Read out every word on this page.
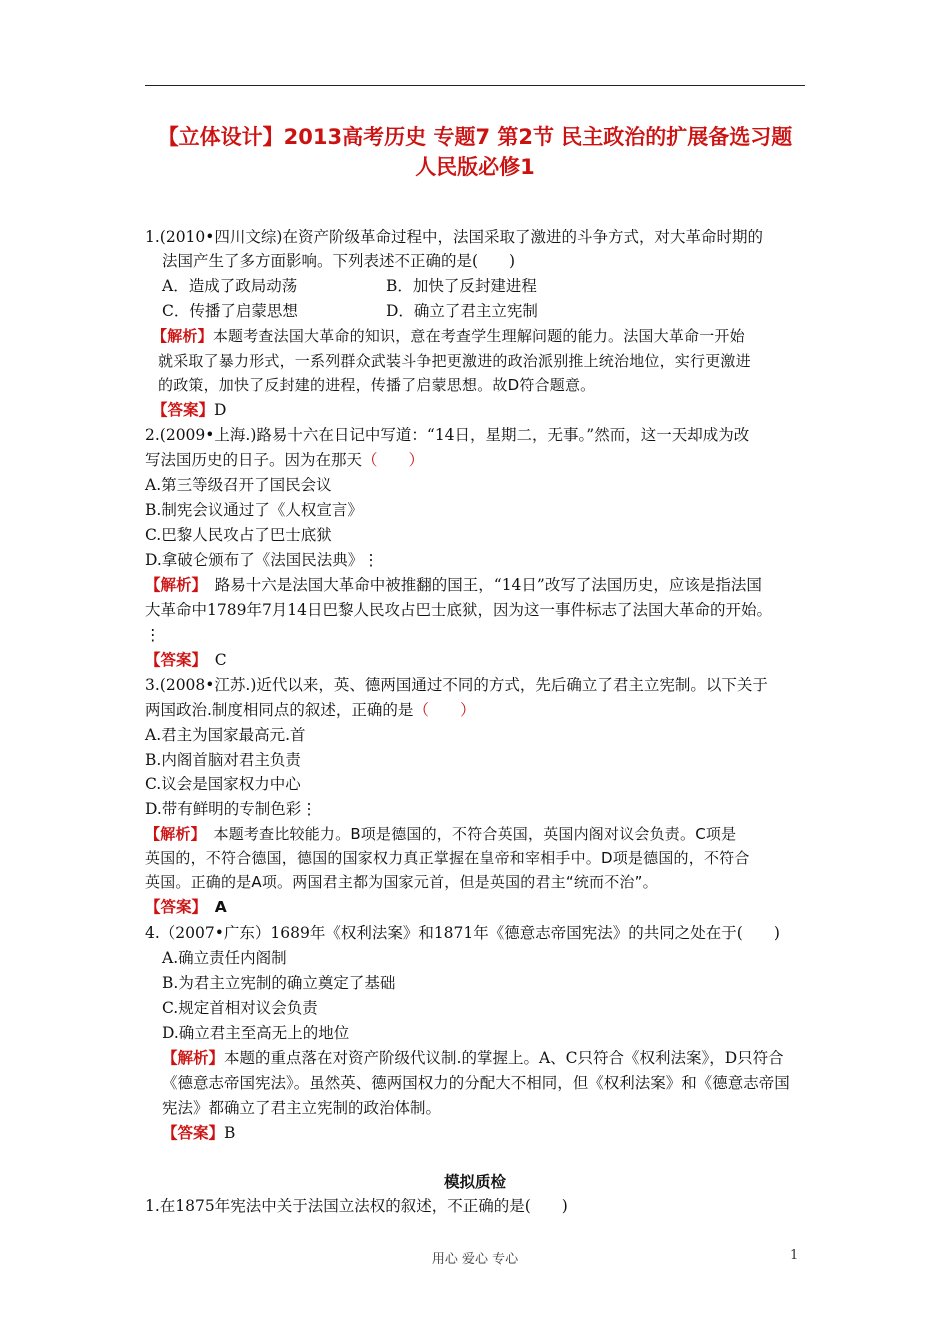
【立体设计】2013高考历史 专题7 第2节 民主政治的扩展备选习题
人民版必修1
1.(2010•四川文综)在资产阶级革命过程中，法国采取了激进的斗争方式，对大革命时期的
法国产生了多方面影响。下列表述不正确的是(　　)
A．造成了政局动荡	B．加快了反封建进程
C．传播了启蒙思想	D．确立了君主立宪制
【解析】本题考查法国大革命的知识，意在考查学生理解问题的能力。法国大革命一开始
就采取了暴力形式，一系列群众武装斗争把更激进的政治派别推上统治地位，实行更激进
的政策，加快了反封建的进程，传播了启蒙思想。故D符合题意。
【答案】D
2.(2009•上海.)路易十六在日记中写道：“14日，星期二，无事。”然而，这一天却成为改
写法国历史的日子。因为在那天（　　）
A.第三等级召开了国民会议
B.制宪会议通过了《人权宣言》
C.巴黎人民攻占了巴士底狱
D.拿破仑颁布了《法国民法典》⋮
【解析】　路易十六是法国大革命中被推翻的国王，“14日”改写了法国历史，应该是指法国
大革命中1789年7月14日巴黎人民攻占巴士底狱，因为这一事件标志了法国大革命的开始。
⋮
【答案】　C
3.(2008•江苏.)近代以来，英、德两国通过不同的方式，先后确立了君主立宪制。以下关于
两国政治.制度相同点的叙述，正确的是（　　）
A.君主为国家最高元.首
B.内阁首脑对君主负责
C.议会是国家权力中心
D.带有鲜明的专制色彩⋮
【解析】　本题考查比较能力。B项是德国的，不符合英国，英国内阁对议会负责。C项是
英国的，不符合德国，德国的国家权力真正掌握在皇帝和宰相手中。D项是德国的，不符合
英国。正确的是A项。两国君主都为国家元首，但是英国的君主“统而不治”。
【答案】　A
4.（2007•广东）1689年《权利法案》和1871年《德意志帝国宪法》的共同之处在于(　　)
A.确立责任内阁制
B.为君主立宪制的确立奠定了基础
C.规定首相对议会负责
D.确立君主至高无上的地位
【解析】本题的重点落在对资产阶级代议制.的掌握上。A、C只符合《权利法案》，D只符合
《德意志帝国宪法》。虽然英、德两国权力的分配大不相同，但《权利法案》和《德意志帝国
宪法》都确立了君主立宪制的政治体制。
【答案】B
模拟质检
1.在1875年宪法中关于法国立法权的叙述，不正确的是(　　)
用心 爱心 专心	1
